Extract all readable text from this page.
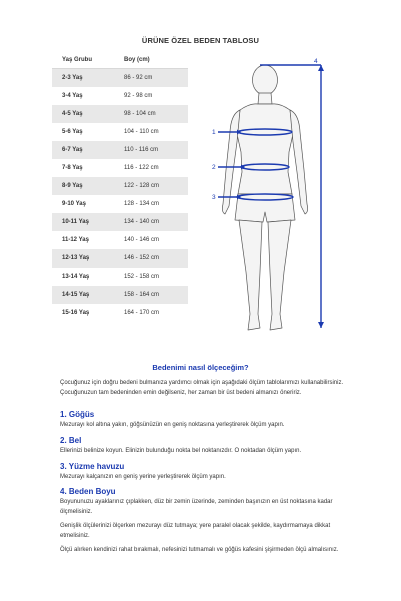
ÜRÜNE ÖZEL BEDEN TABLOSU
Yaş Grubu	Boy (cm)
2-3 Yaş	86 - 92 cm
3-4 Yaş	92 - 98 cm
4-5 Yaş	98 - 104 cm
5-6 Yaş	104 - 110 cm
6-7 Yaş	110 - 116 cm
7-8 Yaş	116 - 122 cm
8-9 Yaş	122 - 128 cm
9-10 Yaş	128 - 134 cm
10-11 Yaş	134 - 140 cm
11-12 Yaş	140 - 146 cm
12-13 Yaş	146 - 152 cm
13-14 Yaş	152 - 158 cm
14-15 Yaş	158 - 164 cm
15-16 Yaş	164 - 170 cm
1
2
3
4
Bedenimi nasıl ölçeceğim?
Çocuğunuz için doğru bedeni bulmanıza yardımcı olmak için aşağıdaki ölçüm tablolarımızı kullanabilirsiniz. Çocuğunuzun tam bedeninden emin değilseniz, her zaman bir üst bedeni almanızı öneririz.
1. Göğüs

Mezurayı kol altına yakın, göğsünüzün en geniş noktasına yerleştirerek ölçüm yapın.

2. Bel

Ellerinizi belinize koyun. Elinizin bulunduğu nokta bel noktanızdır. O noktadan ölçüm yapın.

3. Yüzme havuzu

Mezurayı kalçanızın en geniş yerine yerleştirerek ölçüm yapın.

4. Beden Boyu

Boyununuzu ayaklarınız çıplakken, düz bir zemin üzerinde, zeminden başınızın en üst noktasına kadar ölçmelisiniz.

Genişlik ölçülerinizi ölçerken mezurayı düz tutmaya; yere paralel olacak şekilde, kaydırmamaya dikkat etmelisiniz.

Ölçü alırken kendinizi rahat bırakmalı, nefesinizi tutmamalı ve göğüs kafesini şişirmeden ölçü almalısınız.
